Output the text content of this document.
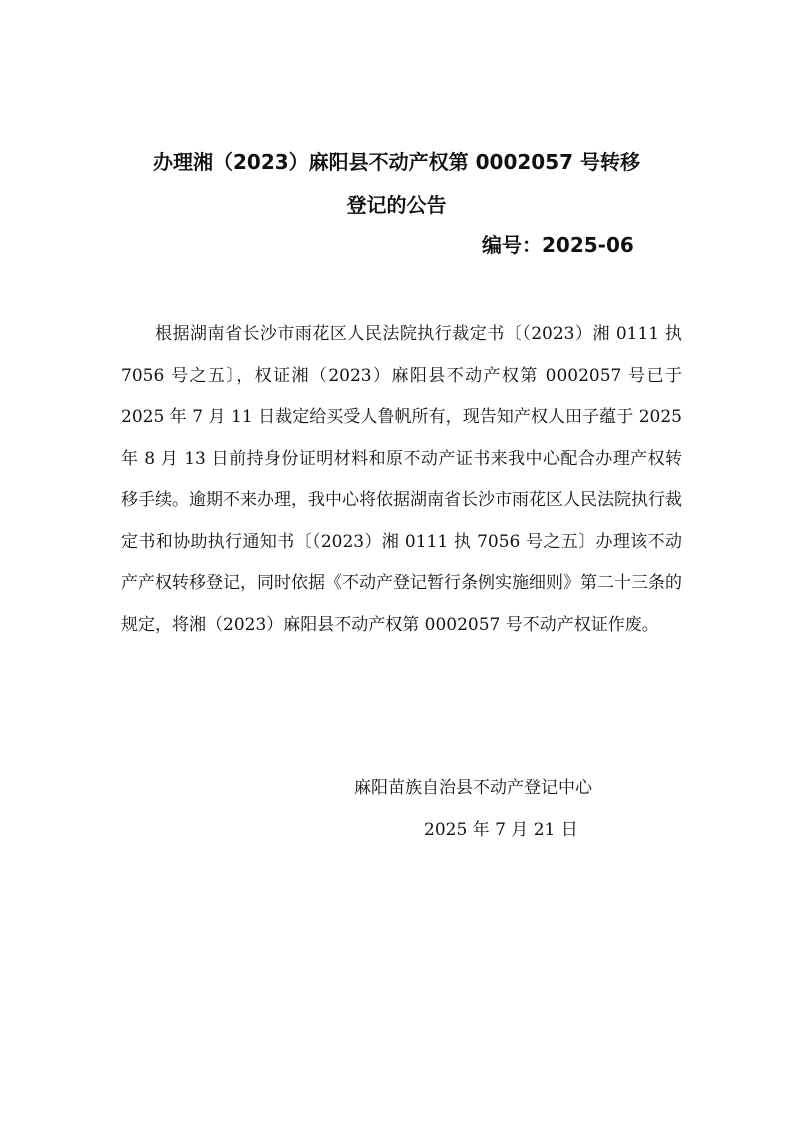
办理湘（2023）麻阳县不动产权第 0002057 号转移
登记的公告
编号：2025-06

根据湖南省长沙市雨花区人民法院执行裁定书〔（2023）湘 0111 执 7056 号之五〕，权证湘（2023）麻阳县不动产权第 0002057 号已于 2025 年 7 月 11 日裁定给买受人鲁帆所有，现告知产权人田子蕴于 2025 年 8 月 13 日前持身份证明材料和原不动产证书来我中心配合办理产权转移手续。逾期不来办理，我中心将依据湖南省长沙市雨花区人民法院执行裁定书和协助执行通知书〔（2023）湘 0111 执 7056 号之五〕办理该不动产产权转移登记，同时依据《不动产登记暂行条例实施细则》第二十三条的规定，将湘（2023）麻阳县不动产权第 0002057 号不动产权证作废。

麻阳苗族自治县不动产登记中心
2025 年 7 月 21 日
